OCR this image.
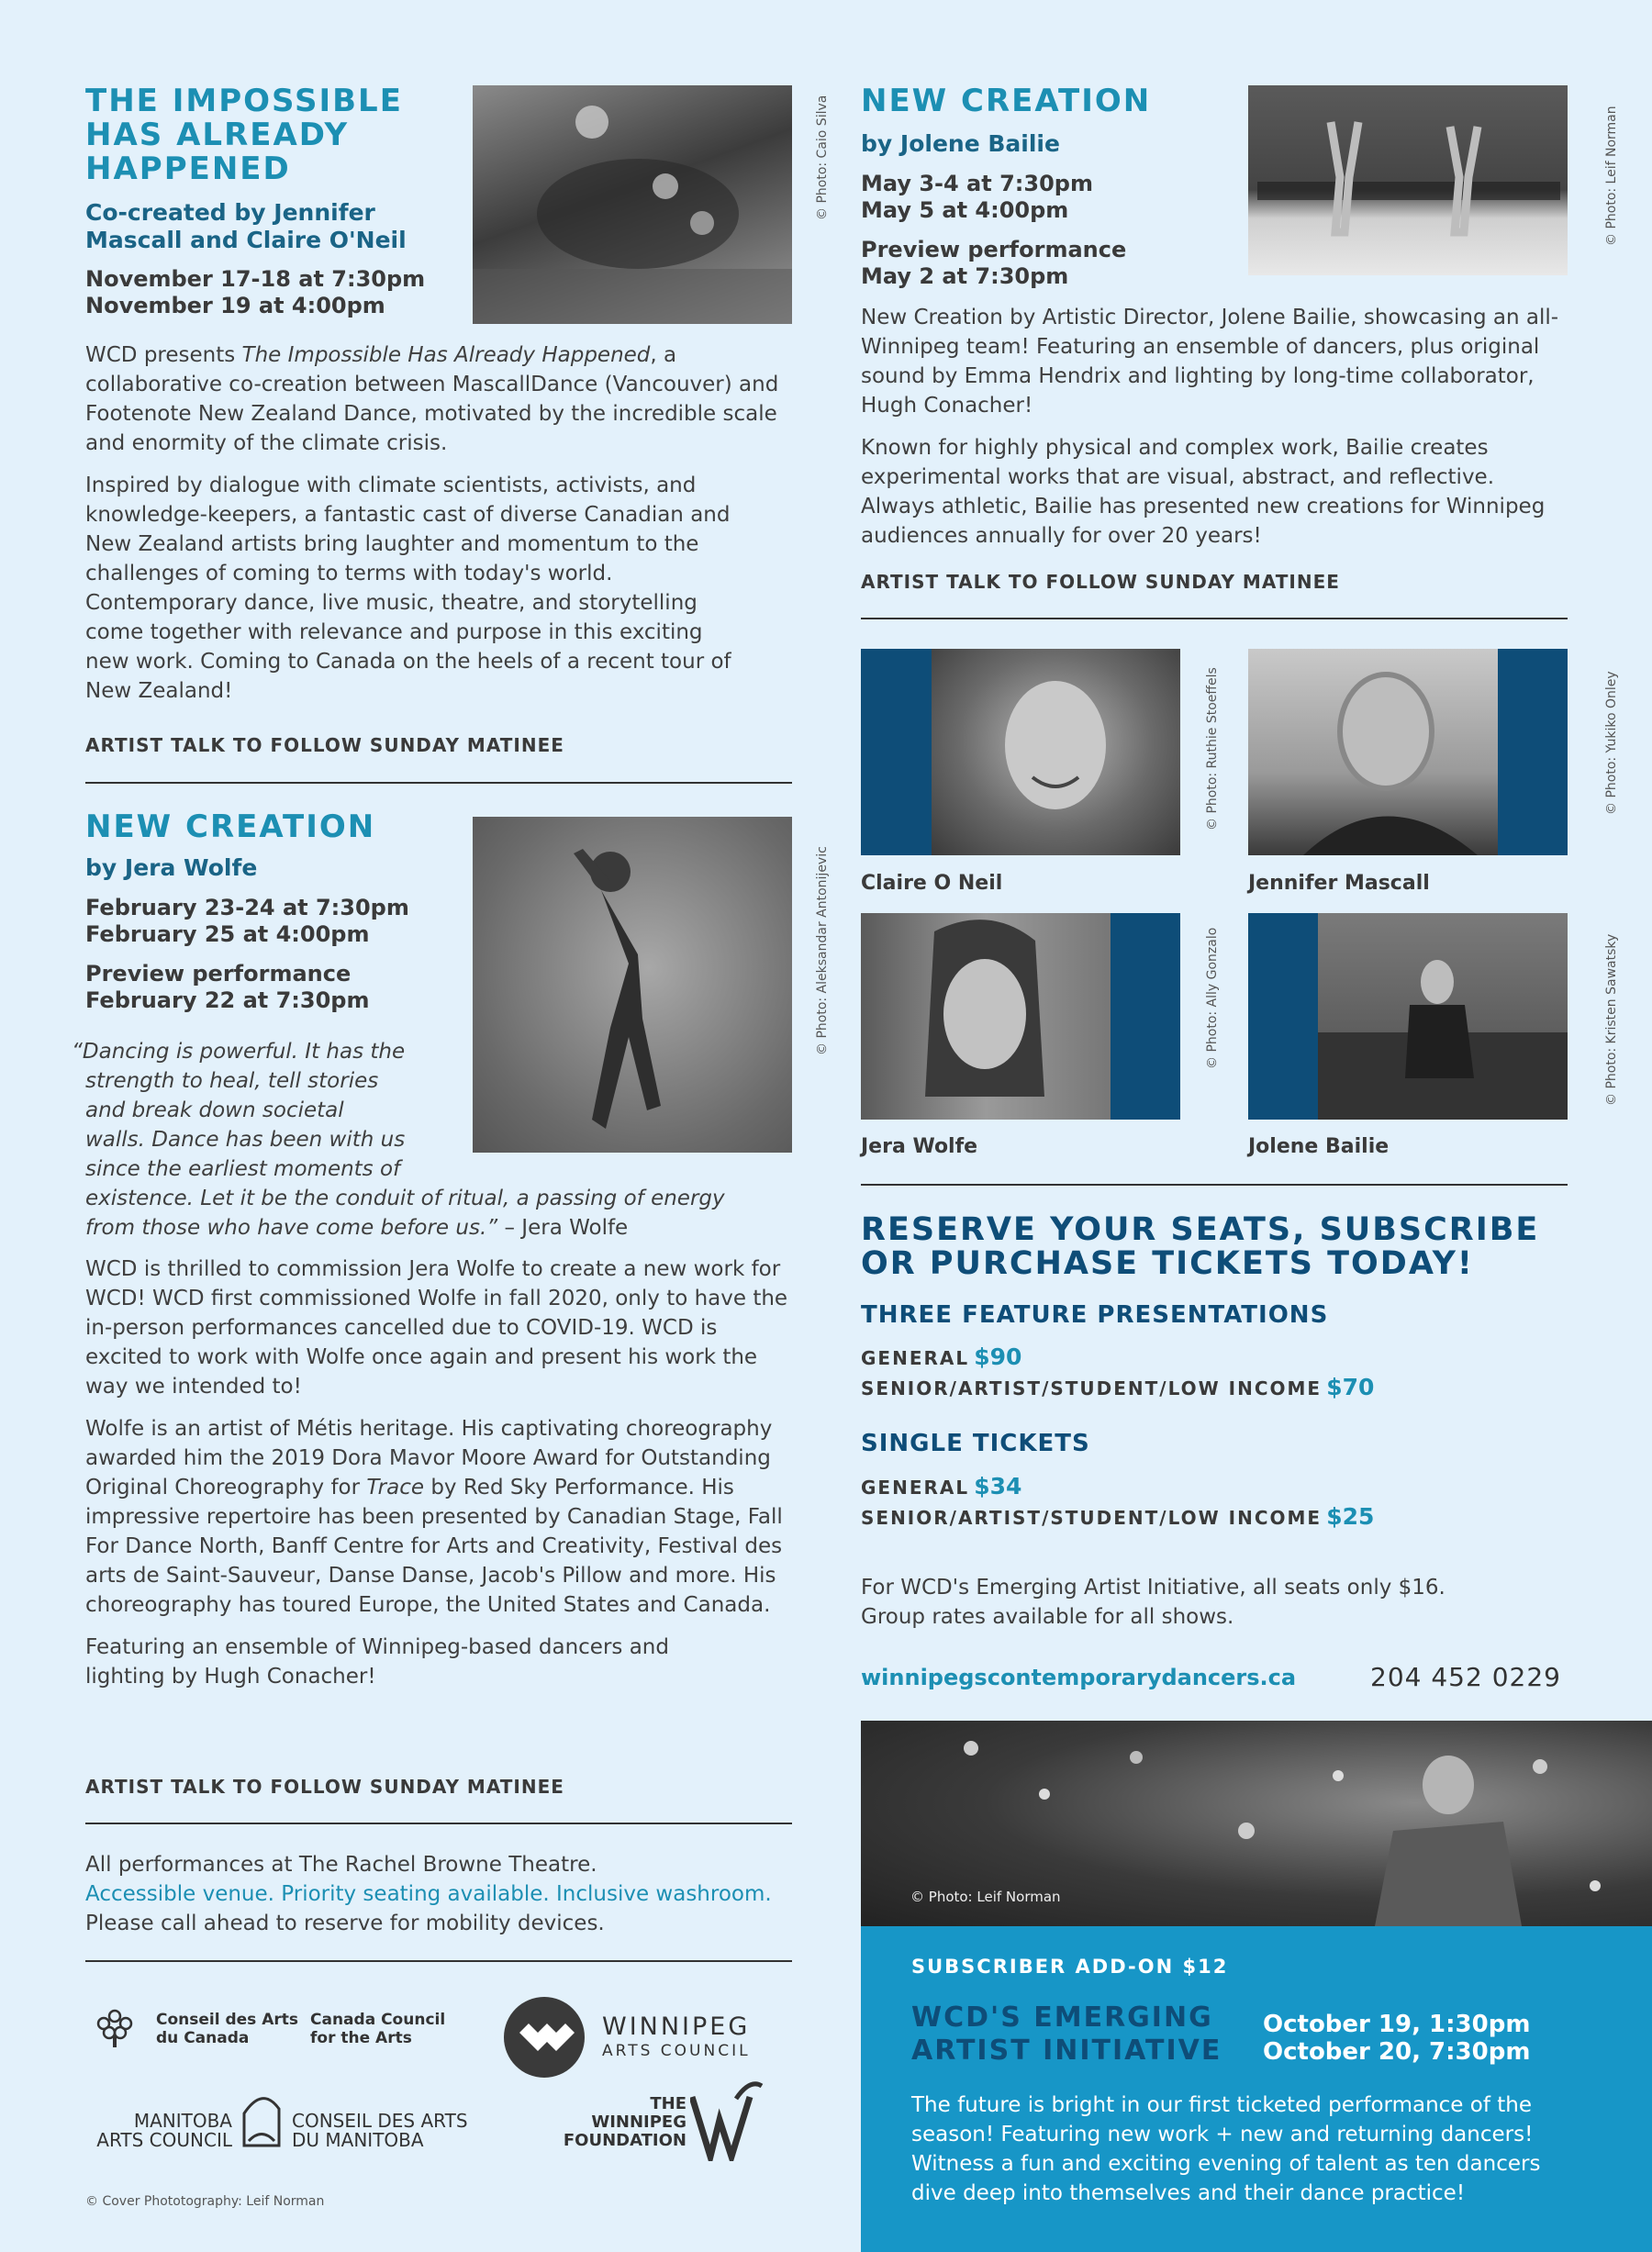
THE IMPOSSIBLE

HAS ALREADY

HAPPENED

Co-created by Jennifer

Mascall and Claire O'Neil

November 17-18 at 7:30pm
November 19 at 4:00pm
© Photo: Caio Silva

WCD presents The Impossible Has Already Happened, a collaborative co-creation between MascallDance (Vancouver) and Footenote New Zealand Dance, motivated by the incredible scale and enormity of the climate crisis.

Inspired by dialogue with climate scientists, activists, and knowledge-keepers, a fantastic cast of diverse Canadian and New Zealand artists bring laughter and momentum to the challenges of coming to terms with today's world. Contemporary dance, live music, theatre, and storytelling come together with relevance and purpose in this exciting new work. Coming to Canada on the heels of a recent tour of New Zealand!

ARTIST TALK TO FOLLOW SUNDAY MATINEE

NEW CREATION

by Jera Wolfe
February 23-24 at 7:30pm
February 25 at 4:00pm
Preview performance
February 22 at 7:30pm	© Photo: Aleksandar Antonijevic
“Dancing is powerful. It has the
strength to heal, tell stories
and break down societal
walls. Dance has been with us
since the earliest moments of
existence. Let it be the conduit of ritual, a passing of energy
from those who have come before us.” – Jera Wolfe

WCD is thrilled to commission Jera Wolfe to create a new work for WCD! WCD first commissioned Wolfe in fall 2020, only to have the in-person performances cancelled due to COVID-19. WCD is excited to work with Wolfe once again and present his work the way we intended to!

Wolfe is an artist of Métis heritage. His captivating choreography awarded him the 2019 Dora Mavor Moore Award for Outstanding Original Choreography for Trace by Red Sky Performance. His impressive repertoire has been presented by Canadian Stage, Fall For Dance North, Banff Centre for Arts and Creativity, Festival des arts de Saint-Sauveur, Danse Danse, Jacob's Pillow and more. His choreography has toured Europe, the United States and Canada.

Featuring an ensemble of Winnipeg-based dancers and lighting by Hugh Conacher!

ARTIST TALK TO FOLLOW SUNDAY MATINEE
All performances at The Rachel Browne Theatre.
Accessible venue. Priority seating available. Inclusive washroom.
Please call ahead to reserve for mobility devices.
Conseil des Arts
du Canada
Canada Council
for the Arts	WINNIPEG
ARTS COUNCIL
MANITOBA
ARTS COUNCIL
CONSEIL DES ARTS
DU MANITOBA
THE
WINNIPEG
FOUNDATION
© Cover Phototography: Leif Norman

NEW CREATION

by Jolene Bailie
May 3-4 at 7:30pm
May 5 at 4:00pm
Preview performance
May 2 at 7:30pm
© Photo: Leif Norman

New Creation by Artistic Director, Jolene Bailie, showcasing an all-Winnipeg team! Featuring an ensemble of dancers, plus original sound by Emma Hendrix and lighting by long-time collaborator, Hugh Conacher!

Known for highly physical and complex work, Bailie creates experimental works that are visual, abstract, and reflective. Always athletic, Bailie has presented new creations for Winnipeg audiences annually for over 20 years!

ARTIST TALK TO FOLLOW SUNDAY MATINEE
© Photo: Ruthie Stoeffels
Claire O Neil
© Photo: Yukiko Onley
Jennifer Mascall
© Photo: Ally Gonzalo
Jera Wolfe
© Photo: Kristen Sawatsky
Jolene Bailie
RESERVE YOUR SEATS, SUBSCRIBE
OR PURCHASE TICKETS TODAY!
THREE FEATURE PRESENTATIONS
GENERAL $90
SENIOR/ARTIST/STUDENT/LOW INCOME $70
SINGLE TICKETS
GENERAL $34
SENIOR/ARTIST/STUDENT/LOW INCOME $25
For WCD's Emerging Artist Initiative, all seats only $16.
Group rates available for all shows.
winnipegscontemporarydancers.ca	204 452 0229
© Photo: Leif Norman
SUBSCRIBER ADD-ON $12
WCD'S EMERGING
ARTIST INITIATIVE
October 19, 1:30pm
October 20, 7:30pm
The future is bright in our first ticketed performance of the season! Featuring new work + new and returning dancers! Witness a fun and exciting evening of talent as ten dancers dive deep into themselves and their dance practice!
